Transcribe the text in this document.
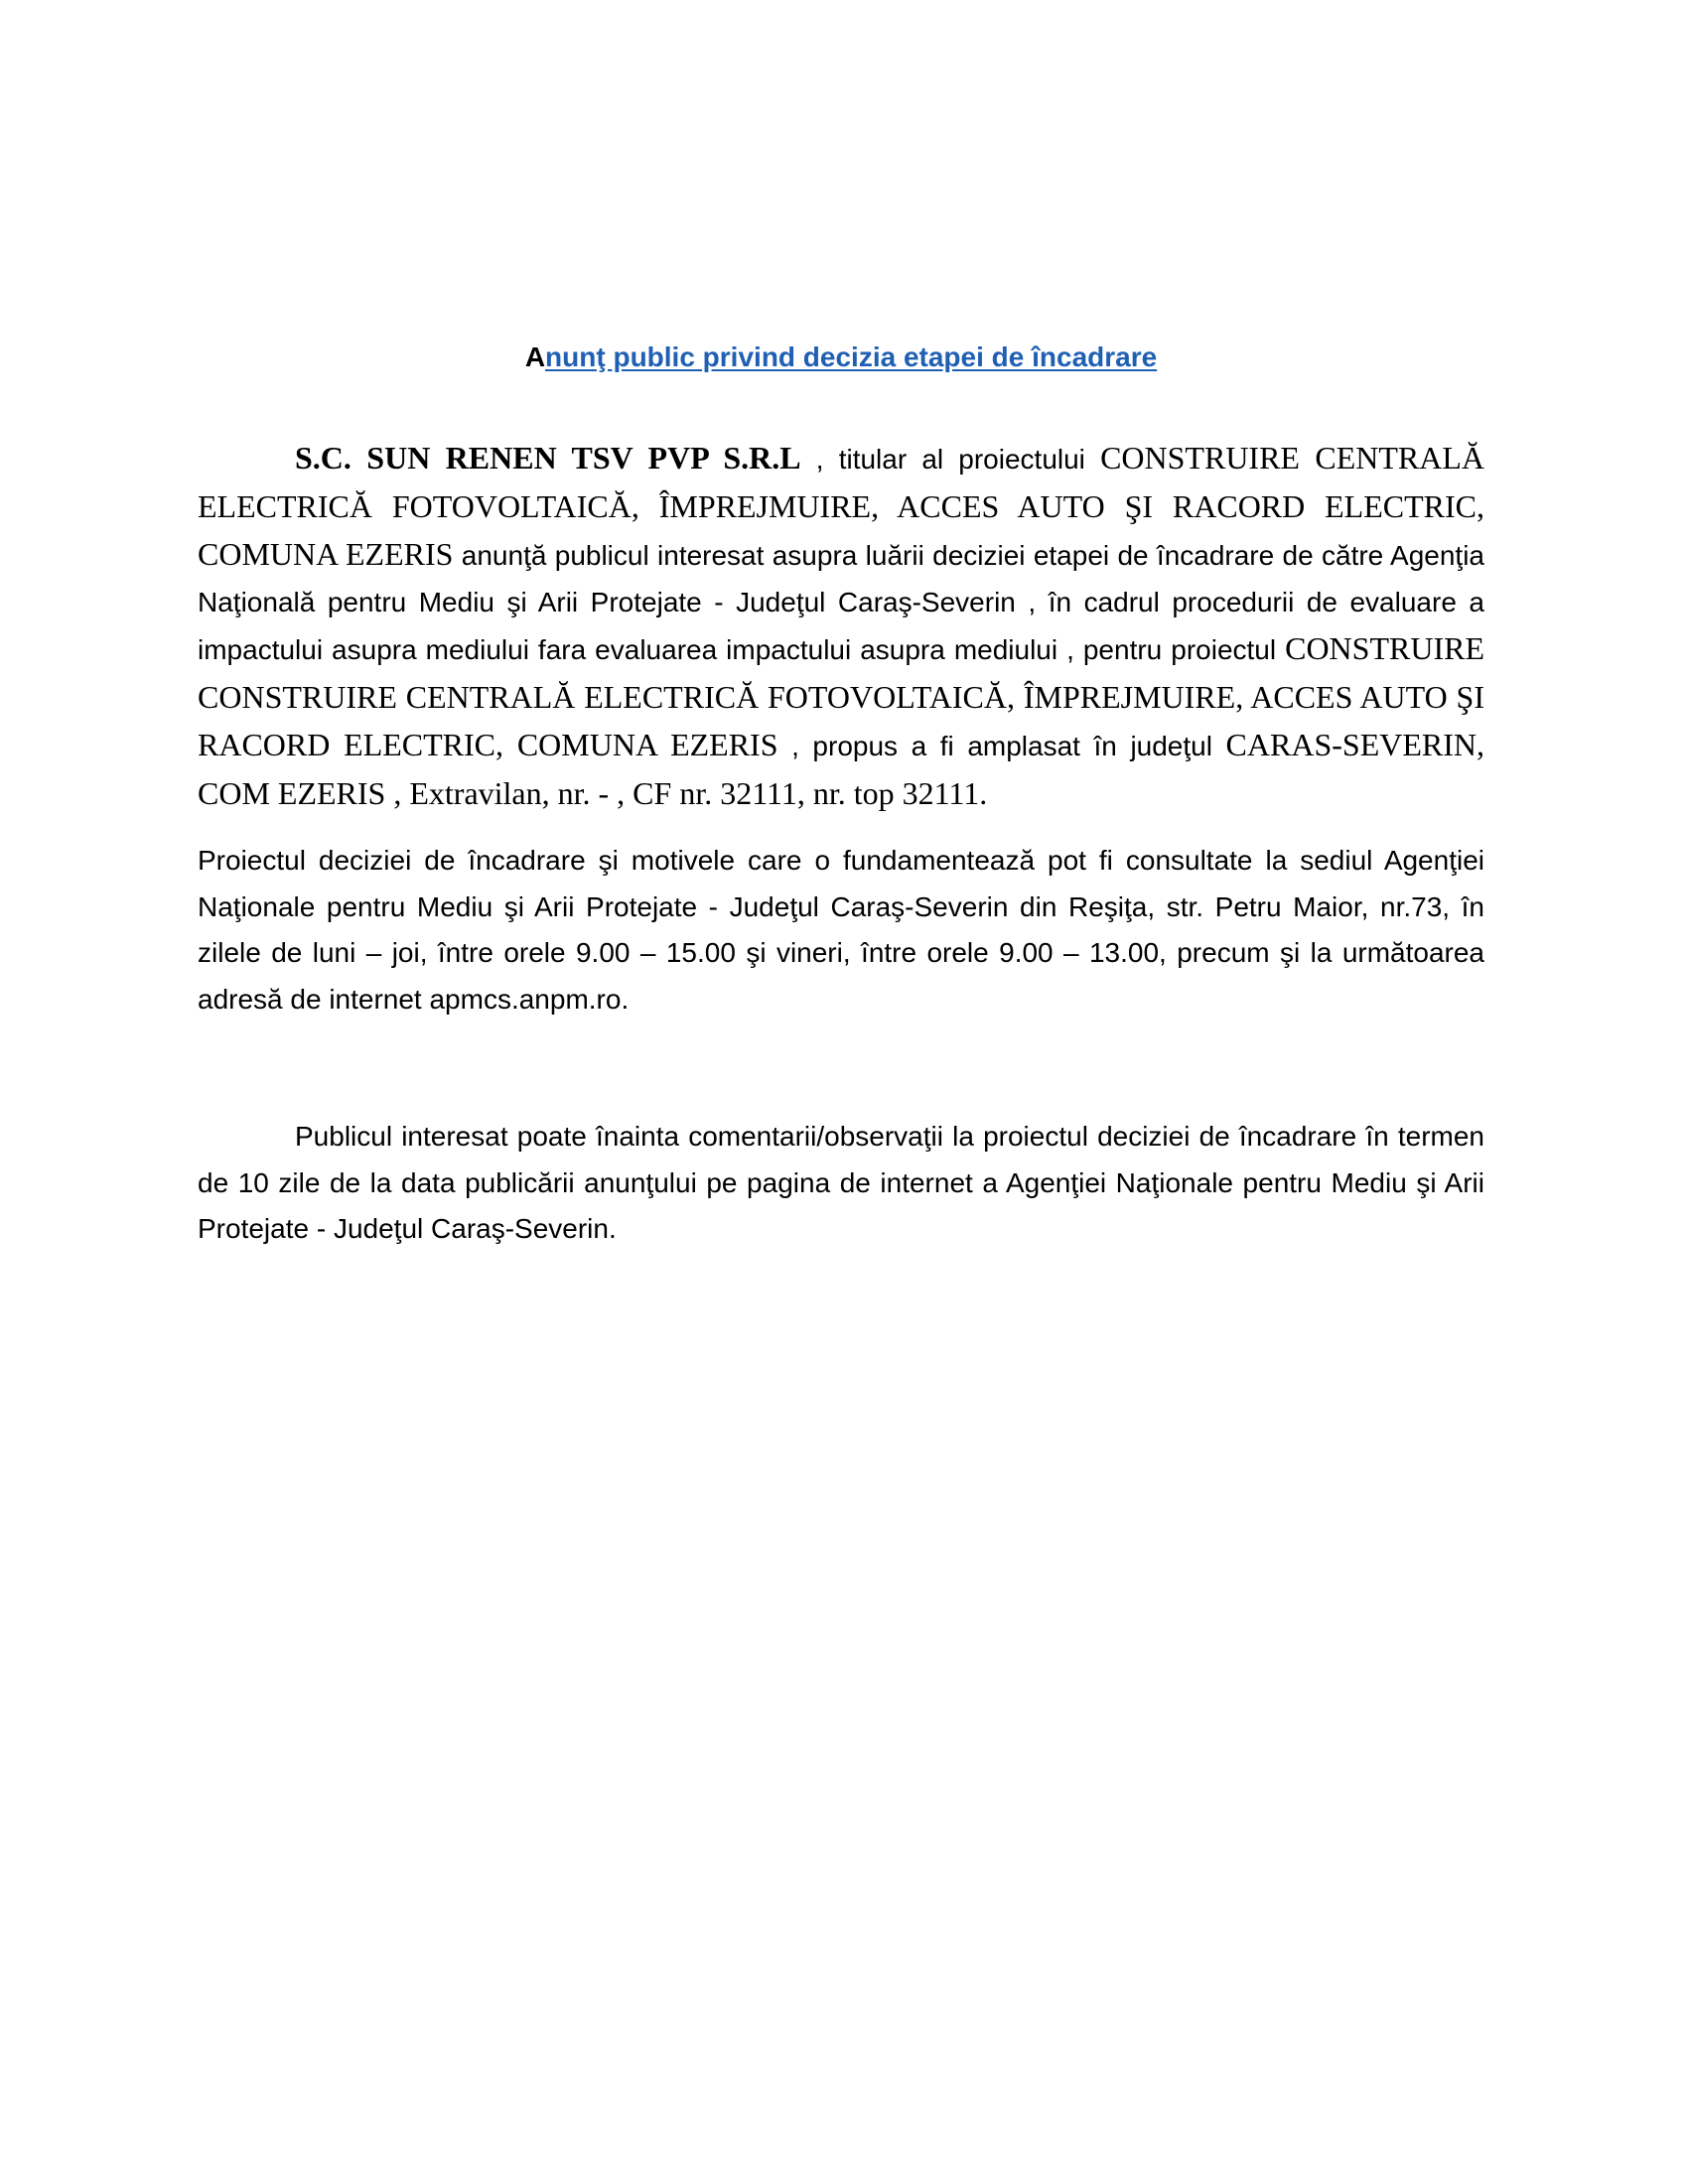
Anunţ public privind decizia etapei de încadrare

S.C. SUN RENEN TSV PVP S.R.L , titular al proiectului CONSTRUIRE CENTRALĂ ELECTRICĂ FOTOVOLTAICĂ, ÎMPREJMUIRE, ACCES AUTO ŞI RACORD ELECTRIC, COMUNA EZERIS anunţă publicul interesat asupra luării deciziei etapei de încadrare de către Agenţia Naţională pentru Mediu şi Arii Protejate - Judeţul Caraş-Severin , în cadrul procedurii de evaluare a impactului asupra mediului fara evaluarea impactului asupra mediului , pentru proiectul CONSTRUIRE CONSTRUIRE CENTRALĂ ELECTRICĂ FOTOVOLTAICĂ, ÎMPREJMUIRE, ACCES AUTO ŞI RACORD ELECTRIC, COMUNA EZERIS , propus a fi amplasat în judeţul CARAS-SEVERIN, COM EZERIS , Extravilan, nr. - , CF nr. 32111, nr. top 32111.

Proiectul deciziei de încadrare şi motivele care o fundamentează pot fi consultate la sediul Agenţiei Naţionale pentru Mediu şi Arii Protejate - Judeţul Caraş-Severin din Reşiţa, str. Petru Maior, nr.73, în zilele de luni – joi, între orele 9.00 – 15.00 şi vineri, între orele 9.00 – 13.00, precum şi la următoarea adresă de internet apmcs.anpm.ro.

Publicul interesat poate înainta comentarii/observaţii la proiectul deciziei de încadrare în termen de 10 zile de la data publicării anunţului pe pagina de internet a Agenţiei Naţionale pentru Mediu şi Arii Protejate - Judeţul Caraş-Severin.
